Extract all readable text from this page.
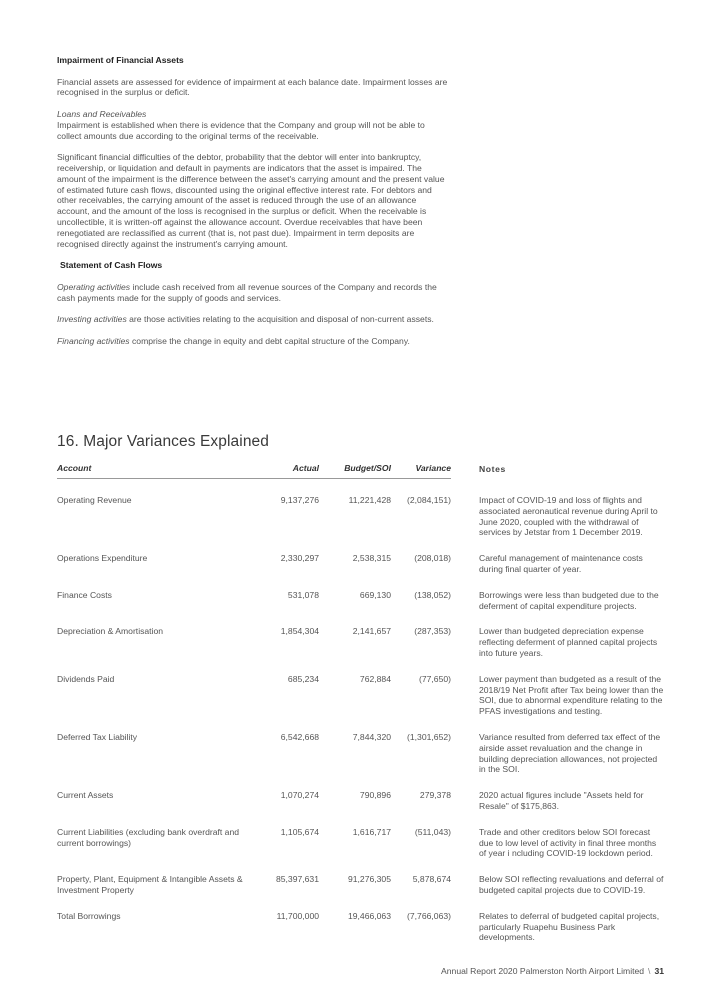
Impairment of Financial Assets

Financial assets are assessed for evidence of impairment at each balance date. Impairment losses are recognised in the surplus or deficit.

Loans and Receivables

Impairment is established when there is evidence that the Company and group will not be able to collect amounts due according to the original terms of the receivable.

Significant financial difficulties of the debtor, probability that the debtor will enter into bankruptcy, receivership, or liquidation and default in payments are indicators that the asset is impaired. The amount of the impairment is the difference between the asset's carrying amount and the present value of estimated future cash flows, discounted using the original effective interest rate. For debtors and other receivables, the carrying amount of the asset is reduced through the use of an allowance account, and the amount of the loss is recognised in the surplus or deficit. When the receivable is uncollectible, it is written-off against the allowance account. Overdue receivables that have been renegotiated are reclassified as current (that is, not past due). Impairment in term deposits are recognised directly against the instrument's carrying amount.

Statement of Cash Flows

Operating activities include cash received from all revenue sources of the Company and records the cash payments made for the supply of goods and services.

Investing activities are those activities relating to the acquisition and disposal of non-current assets.

Financing activities comprise the change in equity and debt capital structure of the Company.

16. Major Variances Explained
Account	Actual	Budget/SOI	Variance	Notes

Operating Revenue	9,137,276	11,221,428	(2,084,151)	Impact of COVID-19 and loss of flights and associated aeronautical revenue during April to June 2020, coupled with the withdrawal of services by Jetstar from 1 December 2019.
Operations Expenditure	2,330,297	2,538,315	(208,018)	Careful management of maintenance costs during final quarter of year.
Finance Costs	531,078	669,130	(138,052)	Borrowings were less than budgeted due to the deferment of capital expenditure projects.
Depreciation & Amortisation	1,854,304	2,141,657	(287,353)	Lower than budgeted depreciation expense reflecting deferment of planned capital projects into future years.
Dividends Paid	685,234	762,884	(77,650)	Lower payment than budgeted as a result of the 2018/19 Net Profit after Tax being lower than the SOI, due to abnormal expenditure relating to the PFAS investigations and testing.
Deferred Tax Liability	6,542,668	7,844,320	(1,301,652)	Variance resulted from deferred tax effect of the airside asset revaluation and the change in building depreciation allowances, not projected in the SOI.
Current Assets	1,070,274	790,896	279,378	2020 actual figures include "Assets held for Resale" of $175,863.
Current Liabilities (excluding bank overdraft and current borrowings)	1,105,674	1,616,717	(511,043)	Trade and other creditors below SOI forecast due to low level of activity in final three months of year i ncluding COVID-19 lockdown period.
Property, Plant, Equipment & Intangible Assets & Investment Property	85,397,631	91,276,305	5,878,674	Below SOI reflecting revaluations and deferral of budgeted capital projects due to COVID-19.
Total Borrowings	11,700,000	19,466,063	(7,766,063)	Relates to deferral of budgeted capital projects, particularly Ruapehu Business Park developments.
Annual Report 2020 Palmerston North Airport Limited \ 31
